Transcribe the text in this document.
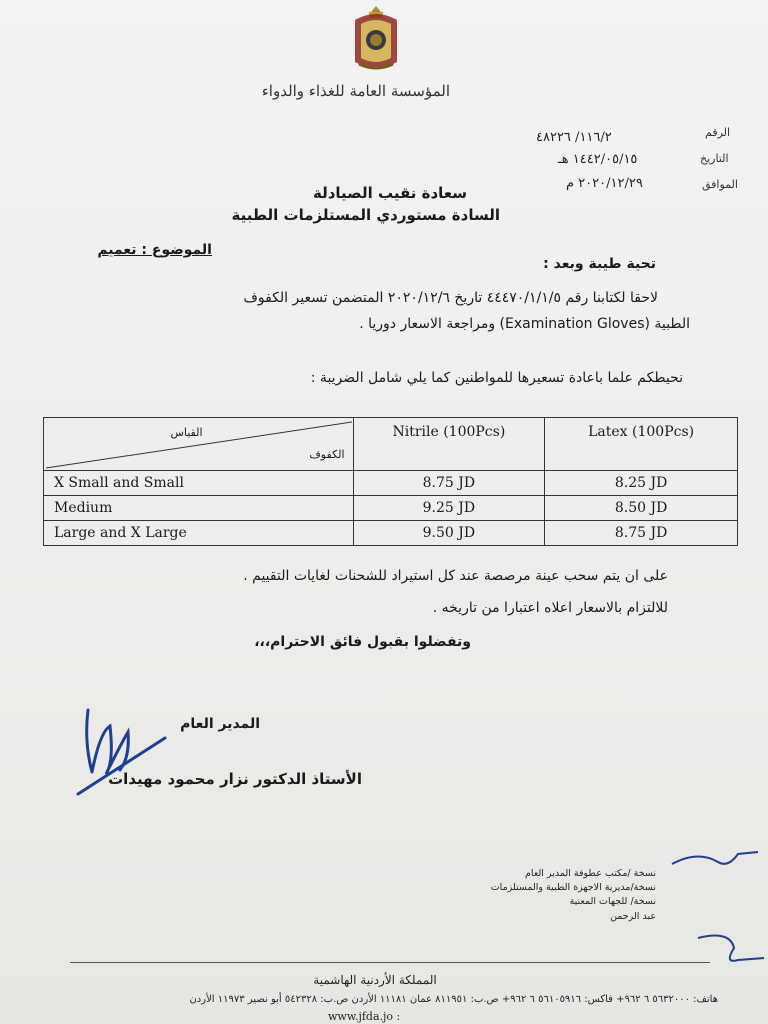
المؤسسة العامة للغذاء والدواء
الرقم
١١٦/٢/ ٤٨٢٢٦
التاريخ
١٤٤٢/٠٥/١٥ هـ
الموافق
٢٠٢٠/١٢/٢٩ م
سعادة نقيب الصيادلة
السادة مستوردي المستلزمات الطبية
الموضوع : تعميم
تحية طيبة وبعد :
لاحقا لكتابنا رقم ٤٤٤٧٠/١/١/٥ تاريخ ٢٠٢٠/١٢/٦ المتضمن تسعير الكفوف
الطبية (Examination Gloves) ومراجعة الاسعار دوريا .
نحيطكم علما باعادة تسعيرها للمواطنين كما يلي شامل الضريبة :
القياس
الكفوف	Nitrile (100Pcs)	Latex (100Pcs)
X Small and Small	8.75 JD	8.25 JD
Medium	9.25 JD	8.50 JD
Large and X Large	9.50 JD	8.75 JD
على ان يتم سحب عينة مرصصة عند كل استيراد للشحنات لغايات التقييم .
للالتزام بالاسعار اعلاه اعتبارا من تاريخه .
وتفضلوا بقبول فائق الاحترام،،،
المدير العام
الأستاذ الدكتور نزار محمود مهيدات
نسخة /مكتب عطوفة المدير العام
نسخة/مديرية الاجهزة الطبية والمستلزمات
نسخة/ للجهات المعنية
عبد الرحمن
المملكة الأردنية الهاشمية
هاتف: ٥٦٣٢٠٠٠ ٦ ٩٦٢+ فاكس: ٥٦١٠٥٩١٦ ٦ ٩٦٢+ ص.ب: ٨١١٩٥١ عمان ١١١٨١ الأردن ص.ب: ٥٤٢٣٢٨ أبو نصير ١١٩٧٣ الأردن
www.jfda.jo :
